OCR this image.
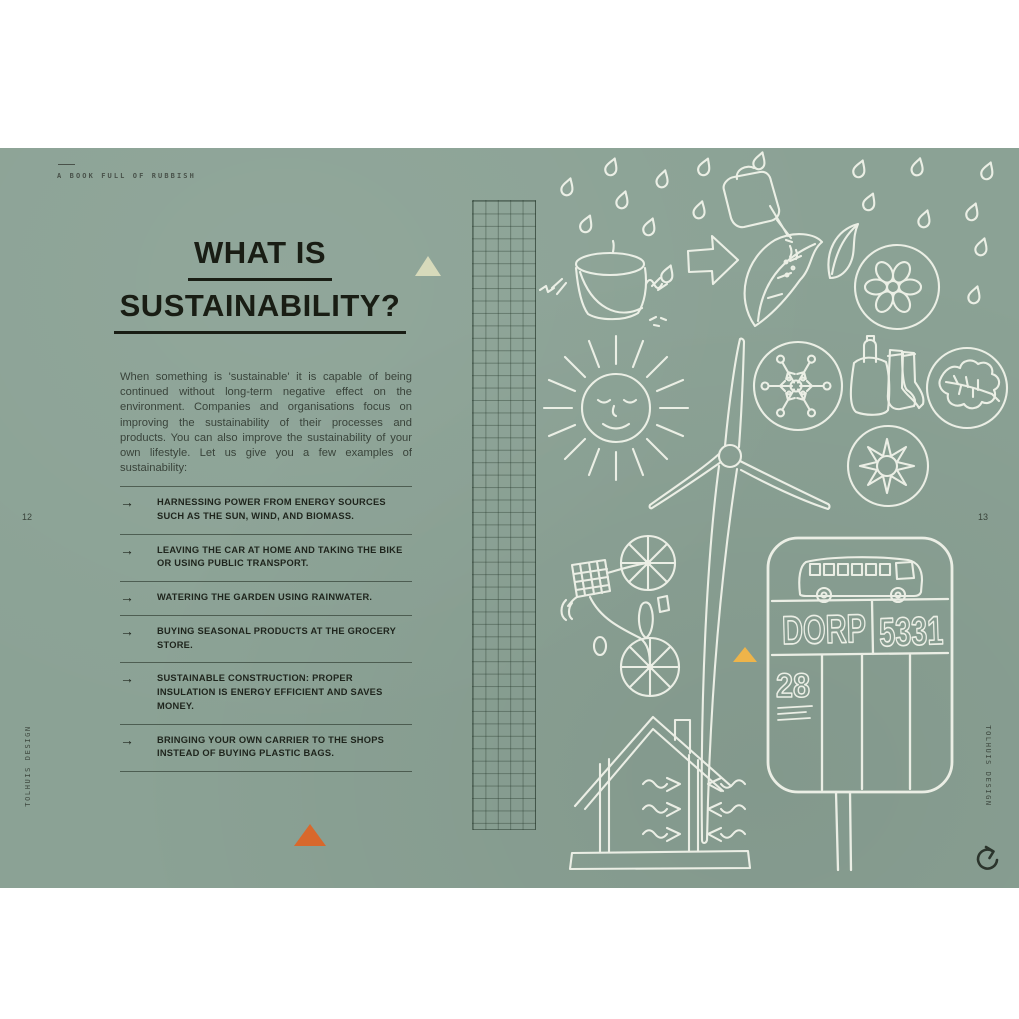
A BOOK FULL OF RUBBISH
WHAT IS
SUSTAINABILITY?
When something is 'sustainable' it is capable of being continued without long-term negative effect on the environment. Companies and organisations focus on improving the sustainability of their processes and products. You can also improve the sustainability of your own lifestyle. Let us give you a few examples of sustainability:
→	HARNESSING POWER FROM ENERGY SOURCES SUCH AS THE SUN, WIND, AND BIOMASS.
→	LEAVING THE CAR AT HOME AND TAKING THE BIKE OR USING PUBLIC TRANSPORT.
→	WATERING THE GARDEN USING RAINWATER.
→	BUYING SEASONAL PRODUCTS AT THE GROCERY STORE.
→	SUSTAINABLE CONSTRUCTION: PROPER INSULATION IS ENERGY EFFICIENT AND SAVES MONEY.
→	BRINGING YOUR OWN CARRIER TO THE SHOPS INSTEAD OF BUYING PLASTIC BAGS.
12	13
TOLHUIS DESIGN	TOLHUIS DESIGN
DORP
5331
28
